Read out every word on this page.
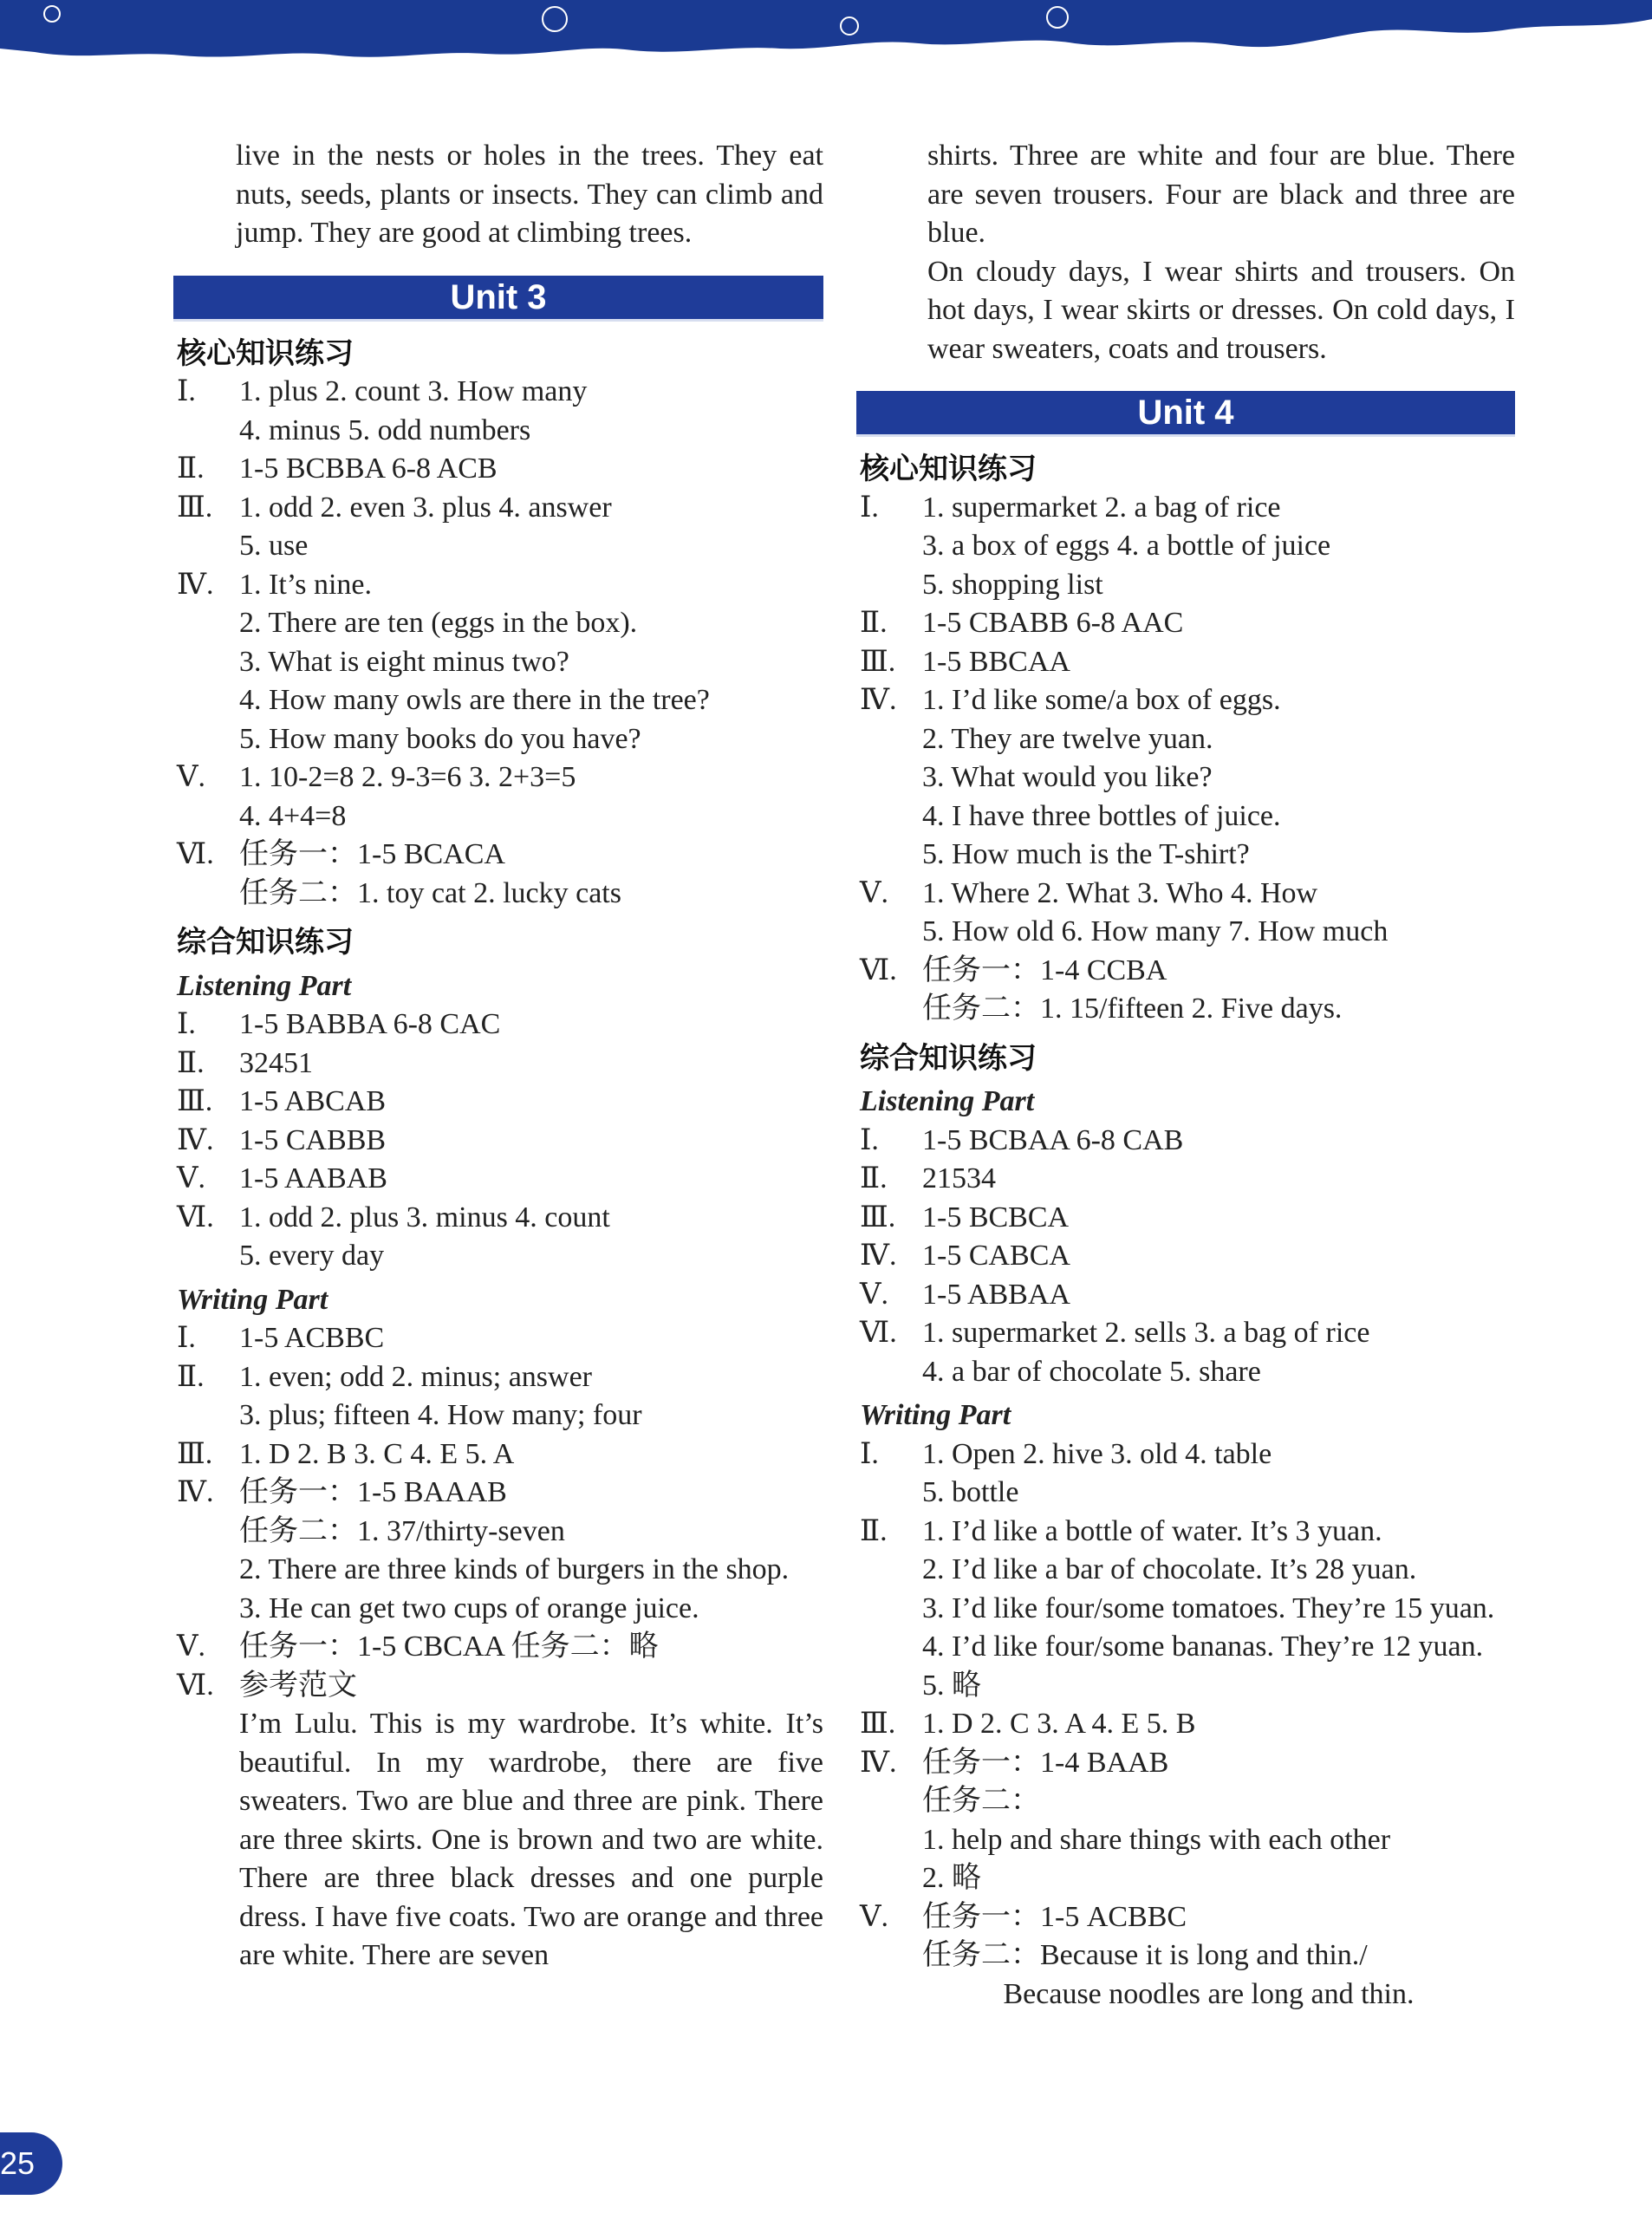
live in the nests or holes in the trees. They eat nuts, seeds, plants or insects. They can climb and jump. They are good at climbing trees.
Unit 3
核心知识练习
Ⅰ.	1. plus 2. count 3. How many
4. minus 5. odd numbers
Ⅱ.	1-5 BCBBA 6-8 ACB
Ⅲ. 1. odd 2. even 3. plus 4. answer
5. use
Ⅳ. 1. It’s nine.
2. There are ten (eggs in the box).
3. What is eight minus two?
4. How many owls are there in the tree?
5. How many books do you have?
Ⅴ.	1. 10-2=8 2. 9-3=6 3. 2+3=5
4. 4+4=8
Ⅵ. 任务一：1-5 BCACA
任务二：1. toy cat 2. lucky cats
综合知识练习
Listening Part
Ⅰ.	1-5 BABBA 6-8 CAC
Ⅱ.	32451
Ⅲ. 1-5 ABCAB
Ⅳ. 1-5 CABBB
Ⅴ.	1-5 AABAB
Ⅵ. 1. odd 2. plus 3. minus 4. count
5. every day
Writing Part
Ⅰ.	1-5 ACBBC
Ⅱ.	1. even; odd 2. minus; answer
3. plus; fifteen 4. How many; four
Ⅲ. 1. D 2. B 3. C 4. E 5. A
Ⅳ. 任务一：1-5 BAAAB
任务二：1. 37/thirty-seven
2. There are three kinds of burgers in the shop.
3. He can get two cups of orange juice.
Ⅴ.	任务一：1-5 CBCAA 任务二：略
Ⅵ. 参考范文
I’m Lulu. This is my wardrobe. It’s white. It’s beautiful. In my wardrobe, there are five sweaters. Two are blue and three are pink. There are three skirts. One is brown and two are white. There are three black dresses and one purple dress. I have five coats. Two are orange and three are white. There are seven
shirts. Three are white and four are blue. There are seven trousers. Four are black and three are blue.
On cloudy days, I wear shirts and trousers. On hot days, I wear skirts or dresses. On cold days, I wear sweaters, coats and trousers.
Unit 4
核心知识练习
Ⅰ.	1. supermarket 2. a bag of rice
3. a box of eggs 4. a bottle of juice
5. shopping list
Ⅱ.	1-5 CBABB 6-8 AAC
Ⅲ. 1-5 BBCAA
Ⅳ. 1. I’d like some/a box of eggs.
2. They are twelve yuan.
3. What would you like?
4. I have three bottles of juice.
5. How much is the T-shirt?
Ⅴ.	1. Where 2. What 3. Who 4. How
5. How old 6. How many 7. How much
Ⅵ. 任务一：1-4 CCBA
任务二：1. 15/fifteen 2. Five days.
综合知识练习
Listening Part
Ⅰ.	1-5 BCBAA 6-8 CAB
Ⅱ.	21534
Ⅲ. 1-5 BCBCA
Ⅳ. 1-5 CABCA
Ⅴ.	1-5 ABBAA
Ⅵ. 1. supermarket 2. sells 3. a bag of rice
4. a bar of chocolate 5. share
Writing Part
Ⅰ.	1. Open 2. hive 3. old 4. table
5. bottle
Ⅱ.	1. I’d like a bottle of water. It’s 3 yuan.
2. I’d like a bar of chocolate. It’s 28 yuan.
3. I’d like four/some tomatoes. They’re 15 yuan.
4. I’d like four/some bananas. They’re 12 yuan.
5. 略
Ⅲ. 1. D 2. C 3. A 4. E 5. B
Ⅳ. 任务一：1-4 BAAB
任务二：
1. help and share things with each other
2. 略
Ⅴ.	任务一：1-5 ACBBC
任务二：Because it is long and thin./
Because noodles are long and thin.
25
